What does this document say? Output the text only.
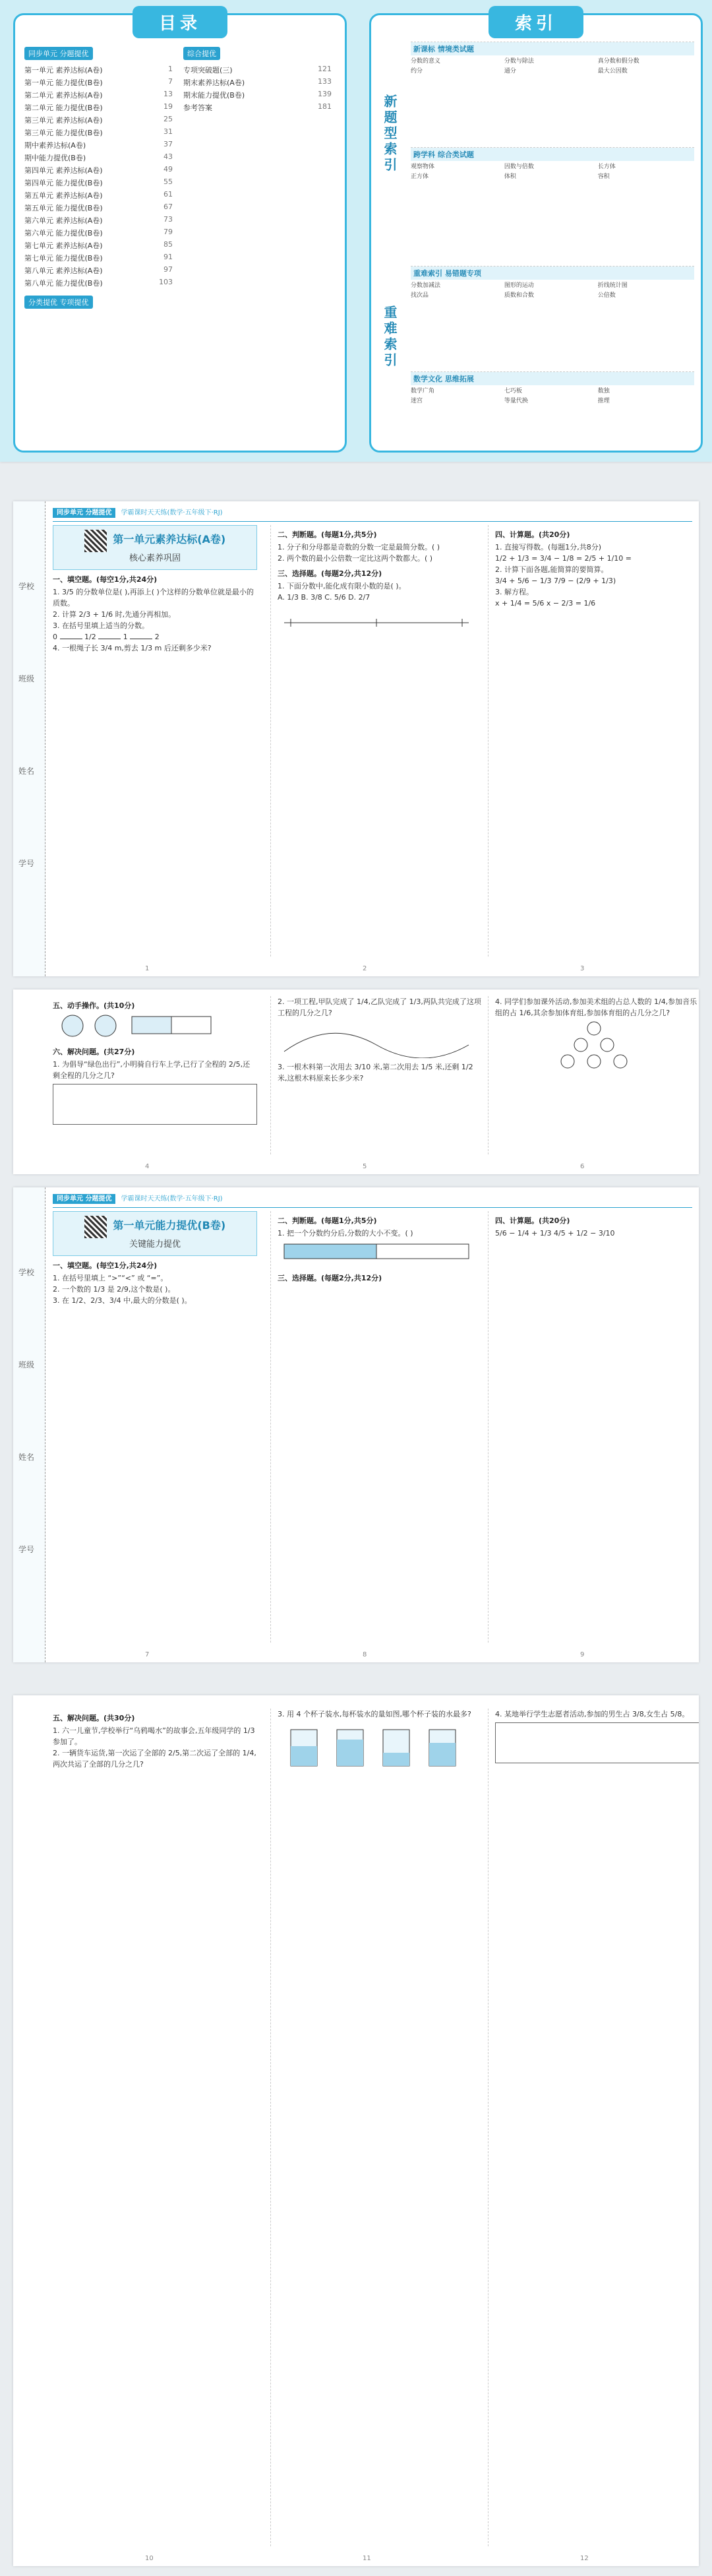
目录
同步单元 分题提优
第一单元 素养达标(A卷)	1
第一单元 能力提优(B卷)	7
第二单元 素养达标(A卷)	13
第二单元 能力提优(B卷)	19
第三单元 素养达标(A卷)	25
第三单元 能力提优(B卷)	31
期中素养达标(A卷)	37
期中能力提优(B卷)	43
第四单元 素养达标(A卷)	49
第四单元 能力提优(B卷)	55
第五单元 素养达标(A卷)	61
第五单元 能力提优(B卷)	67
第六单元 素养达标(A卷)	73
第六单元 能力提优(B卷)	79
第七单元 素养达标(A卷)	85
第七单元 能力提优(B卷)	91
第八单元 素养达标(A卷)	97
第八单元 能力提优(B卷)	103
分类提优 专项提优
综合提优
专项突破题(三)	121
期末素养达标(A卷)	133
期末能力提优(B卷)	139
参考答案	181
索引
新题型索引
重难索引
新课标 情境类试题
分数的意义	分数与除法	真分数和假分数
约分	通分	最大公因数
跨学科 综合类试题
观察物体	因数与倍数	长方体
正方体	体积	容积
重难索引 易错题专项
分数加减法	图形的运动	折线统计图
找次品	质数和合数	公倍数
数学文化 思维拓展
数学广角	七巧板	数独
迷宫	等量代换	推理
学校
班级
姓名
学号
同步单元 分题提优 学霸课时天天练(数学·五年级下·RJ)
第一单元素养达标(A卷)
核心素养巩固
一、填空题。(每空1分,共24分)
1. 3/5 的分数单位是( ),再添上( )个这样的分数单位就是最小的质数。
2. 计算 2/3 + 1/6 时,先通分再相加。
3. 在括号里填上适当的分数。
0	1/2	1	2
4. 一根绳子长 3/4 m,剪去 1/3 m 后还剩多少米?
二、判断题。(每题1分,共5分)
1. 分子和分母都是奇数的分数一定是最简分数。( )
2. 两个数的最小公倍数一定比这两个数都大。( )
三、选择题。(每题2分,共12分)
1. 下面分数中,能化成有限小数的是( )。
A. 1/3 B. 3/8 C. 5/6 D. 2/7
四、计算题。(共20分)
1. 直接写得数。(每题1分,共8分)
1/2 + 1/3 = 3/4 − 1/8 = 2/5 + 1/10 =
2. 计算下面各题,能简算的要简算。
3/4 + 5/6 − 1/3 7/9 − (2/9 + 1/3)
3. 解方程。
x + 1/4 = 5/6 x − 2/3 = 1/6
1	2	3
五、动手操作。(共10分)
六、解决问题。(共27分)
1. 为倡导“绿色出行”,小明骑自行车上学,已行了全程的 2/5,还剩全程的几分之几?
2. 一项工程,甲队完成了 1/4,乙队完成了 1/3,两队共完成了这项工程的几分之几?
3. 一根木料第一次用去 3/10 米,第二次用去 1/5 米,还剩 1/2 米,这根木料原来长多少米?
4. 同学们参加课外活动,参加美术组的占总人数的 1/4,参加音乐组的占 1/6,其余参加体育组,参加体育组的占几分之几?
4	5	6
学校
班级
姓名
学号
同步单元 分题提优 学霸课时天天练(数学·五年级下·RJ)
第一单元能力提优(B卷)
关键能力提优
一、填空题。(每空1分,共24分)
1. 在括号里填上 “>”“<” 或 “=”。
2. 一个数的 1/3 是 2/9,这个数是( )。
3. 在 1/2、2/3、3/4 中,最大的分数是( )。
二、判断题。(每题1分,共5分)
1. 把一个分数约分后,分数的大小不变。( )
三、选择题。(每题2分,共12分)
四、计算题。(共20分)
5/6 − 1/4 + 1/3 4/5 + 1/2 − 3/10
7	8	9
五、解决问题。(共30分)
1. 六一儿童节,学校举行“乌鸦喝水”的故事会,五年级同学的 1/3 参加了。
2. 一辆货车运货,第一次运了全部的 2/5,第二次运了全部的 1/4,两次共运了全部的几分之几?
3. 用 4 个杯子装水,每杯装水的量如图,哪个杯子装的水最多?	4. 某地举行学生志愿者活动,参加的男生占 3/8,女生占 5/8。
10	11	12
